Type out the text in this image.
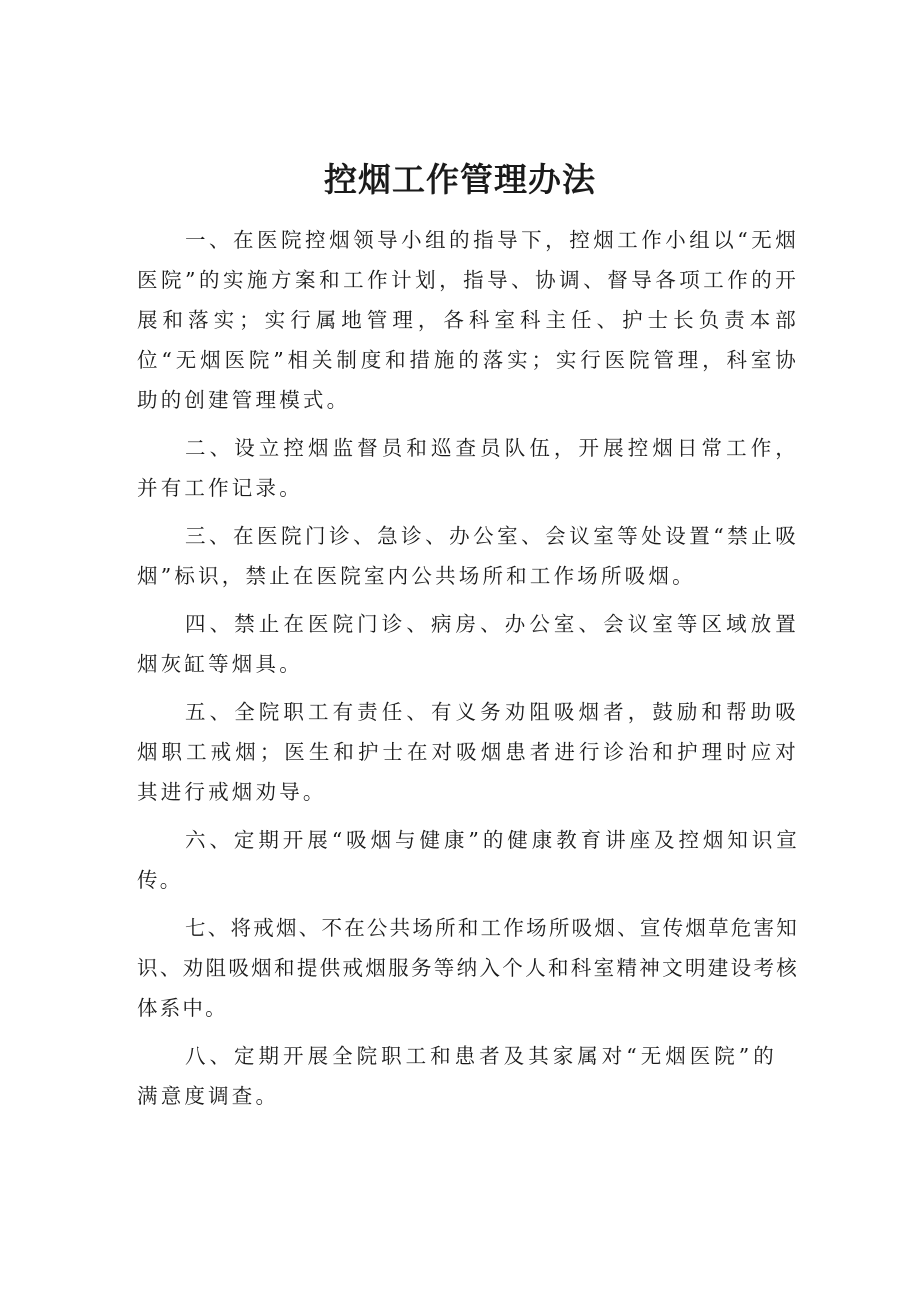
控烟工作管理办法

一、在医院控烟领导小组的指导下，控烟工作小组以“无烟医院”的实施方案和工作计划，指导、协调、督导各项工作的开展和落实；实行属地管理，各科室科主任、护士长负责本部位“无烟医院”相关制度和措施的落实；实行医院管理，科室协助的创建管理模式。

二、设立控烟监督员和巡查员队伍，开展控烟日常工作，并有工作记录。

三、在医院门诊、急诊、办公室、会议室等处设置“禁止吸烟”标识，禁止在医院室内公共场所和工作场所吸烟。

四、禁止在医院门诊、病房、办公室、会议室等区域放置烟灰缸等烟具。

五、全院职工有责任、有义务劝阻吸烟者，鼓励和帮助吸烟职工戒烟；医生和护士在对吸烟患者进行诊治和护理时应对其进行戒烟劝导。

六、定期开展“吸烟与健康”的健康教育讲座及控烟知识宣传。

七、将戒烟、不在公共场所和工作场所吸烟、宣传烟草危害知识、劝阻吸烟和提供戒烟服务等纳入个人和科室精神文明建设考核体系中。

八、定期开展全院职工和患者及其家属对“无烟医院”的满意度调查。
